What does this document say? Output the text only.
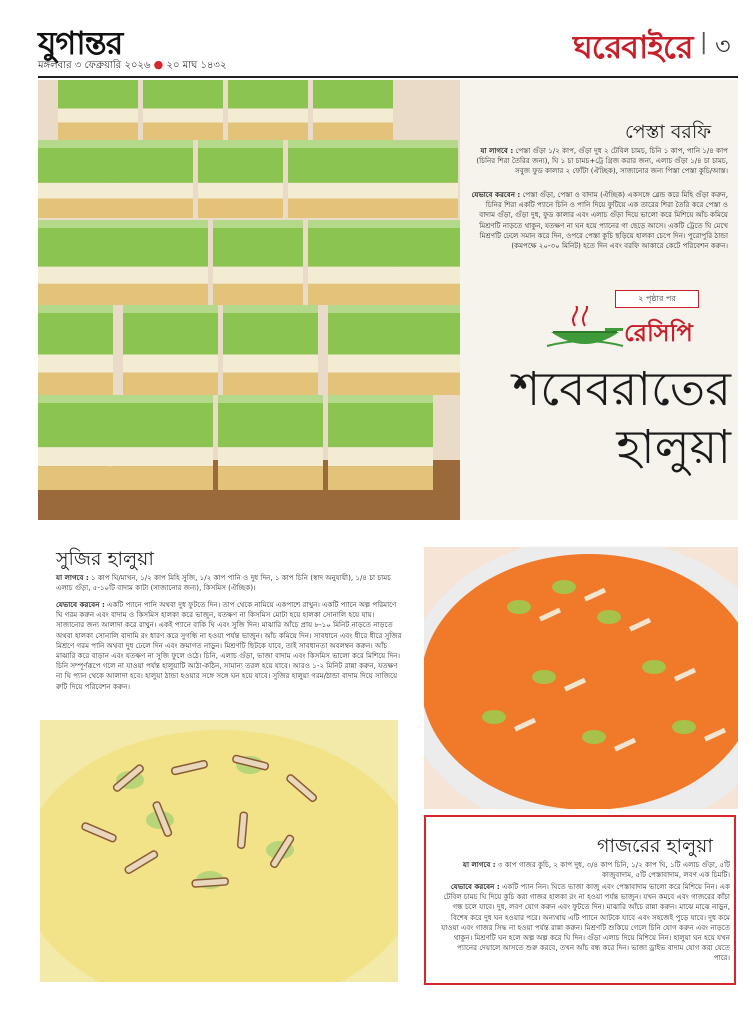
যুগান্তর
মঙ্গলবার ৩ ফেব্রুয়ারি ২০২৬ ● ২০ মাঘ ১৪৩২	ঘরেবাইরে | ৩
পেস্তা বরফি
যা লাগবে : পেস্তা গুঁড়া ১/২ কাপ, গুঁড়া দুধ ২ টেবিল চামচ, চিনি ১ কাপ, পানি ১/৪ কাপ (চিনির শিরা তৈরির জন্য), ঘি ১ চা চামচ+ট্রে গ্রিজ করার জন্য, এলাচ গুঁড়া ১/৪ চা চামচ, সবুজ ফুড কালার ২ ফোঁটা (ঐচ্ছিক), সাজানোর জন্য পিস্তা পেস্তা কুচি/আস্ত।
যেভাবে করবেন : পেস্তা গুঁড়া, পেস্তা ও বাদাম (ঐচ্ছিক) একসঙ্গে ব্লেন্ড করে মিহি গুঁড়া করুন, চিনির শিরা একটি প্যানে চিনি ও পানি দিয়ে ফুটিয়ে এক তারের শিরা তৈরি করে পেস্তা ও বাদাম গুঁড়া, গুঁড়া দুধ, ফুড কালার এবং এলাচ গুঁড়া দিয়ে ভালো করে মিশিয়ে আঁচ কমিয়ে মিশ্রণটি নাড়তে থাকুন, যতক্ষণ না ঘন হয়ে প্যানের গা ছেড়ে আসে। একটি ট্রেতে ঘি মেখে মিশ্রণটি ঢেলে সমান করে দিন, ওপরে পেস্তা কুচি ছড়িয়ে হালকা চেপে দিন। পুরোপুরি ঠান্ডা (কমপক্ষে ২০-৩০ মিনিট) হতে দিন এবং বরফি আকারে কেটে পরিবেশন করুন।
২ পৃষ্ঠার পর
রেসিপি
শবেবরাতের
হালুয়া
সুজির হালুয়া
যা লাগবে : ১ কাপ ঘি/মাখন, ১/২ কাপ মিহি সুজি, ১/২ কাপ পানি ও দুধ দিন, ১ কাপ চিনি (স্বাদ অনুযায়ী), ১/৪ চা চামচ এলাচ গুঁড়া, ৫-১০টি বাদাম কাটা (সাজানোর জন্য), কিসমিস (ঐচ্ছিক)।
যেভাবে করবেন : একটি প্যানে পানি অথবা দুধ ফুটতে দিন। তাপ থেকে নামিয়ে একপাশে রাখুন। একটি প্যানে অল্প পরিমাণে ঘি গরম করুন এবং বাদাম ও কিসমিস হালকা করে ভাজুন, যতক্ষণ না কিসমিস মোটা হয়ে হালকা সোনালি হয়ে যায়। সাজানোর জন্য আলাদা করে রাখুন। একই প্যানে বাকি ঘি এবং সুজি দিন। মাঝারি আঁচে প্রায় ৮-১০ মিনিট নাড়তে নাড়তে অথবা হালকা সোনালি বাদামি রং ধারণ করে সুগন্ধি না হওয়া পর্যন্ত ভাজুন। আঁচ কমিয়ে দিন। সাবধানে এবং ধীরে ধীরে সুজির মিশ্রণে গরম পানি অথবা দুধ ঢেলে দিন এবং ক্রমাগত নাড়ুন। মিশ্রণটি ছিটকে যাবে, তাই সাবধানতা অবলম্বন করুন। আঁচ মাঝারি করে বাড়ান এবং যতক্ষণ না সুজি ফুলে ওঠে। চিনি, এলাচ গুঁড়া, ভাজা বাদাম এবং কিসমিস ভালো করে মিশিয়ে দিন। চিনি সম্পূর্ণরূপে গলে না যাওয়া পর্যন্ত হালুয়াটি আঠা-কঠিন, সামান্য তরল হয়ে যাবে। আরও ১-২ মিনিট রান্না করুন, যতক্ষণ না ঘি প্যান থেকে আলাদা হবে। হালুয়া ঠান্ডা হওয়ার সঙ্গে সঙ্গে ঘন হয়ে যাবে। সুজির হালুয়া গরম/ঠান্ডা বাদাম দিয়ে সাজিয়ে রুটি দিয়ে পরিবেশন করুন।
গাজরের হালুয়া
যা লাগবে : ৩ কাপ গাজর কুচি, ২ কাপ দুধ, ৩/৪ কাপ চিনি, ১/২ কাপ ঘি, ১টি এলাচ গুঁড়া, ৫টি কাজুবাদাম, ৫টি পেস্তাবাদাম, লবণ এক চিমটি।
যেভাবে করবেন : একটি প্যান নিন। ঘিতে ভাজা কাজু এবং পেস্তাবাদাম ভালো করে মিশিয়ে নিন। এক টেবিল চামচ ঘি দিয়ে কুচি করা গাজর হালকা রং না হওয়া পর্যন্ত ভাজুন। যখন কমবে এবং গাজরের কাঁচা গন্ধ চলে যাবে। দুধ, লবণ যোগ করুন এবং ফুটতে দিন। মাঝারি আঁচে রান্না করুন। মাঝে মাঝে নাড়ুন, বিশেষ করে দুধ ঘন হওয়ার পরে। অন্যথায় এটি প্যানে আটকে যাবে এবং সহজেই পুড়ে যাবে। দুধ কমে যাওয়া এবং গাজর সিদ্ধ না হওয়া পর্যন্ত রান্না করুন। মিশ্রণটি শুকিয়ে গেলে চিনি যোগ করুন এবং নাড়তে থাকুন। মিশ্রণটি ঘন হলে অল্প অল্প করে ঘি দিন। গুঁড়া এলাচ দিয়ে মিশিয়ে নিন। হালুয়া ঘন হয়ে যখন প্যানের দেয়ালে আসতে শুরু করবে, তখন আঁচ বন্ধ করে দিন। ভাজা ড্রাইভ বাদাম যোগ করা যেতে পারে।
